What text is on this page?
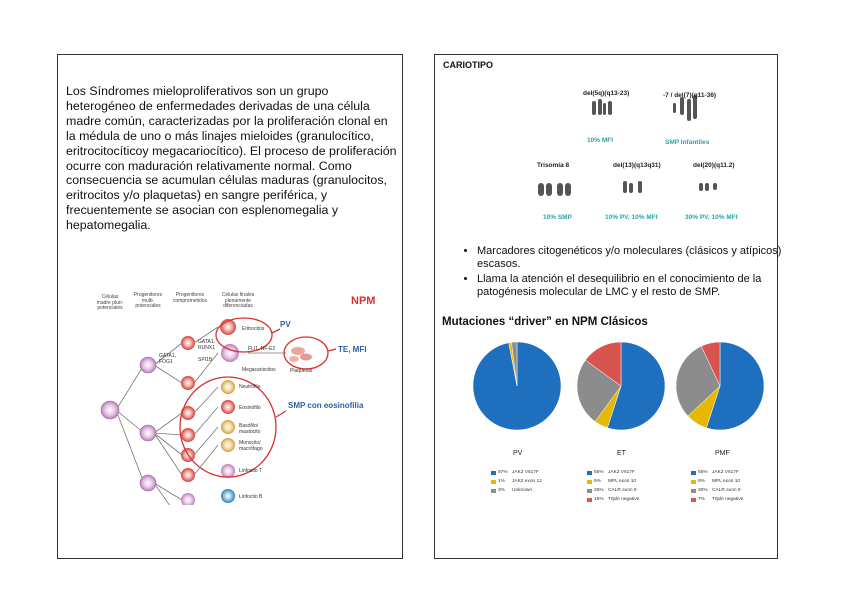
Los Síndromes mieloproliferativos son un grupo heterogéneo de enfermedades derivadas de una célula madre común, caracterizadas por la proliferación clonal en la médula de uno o más linajes mieloides (granulocítico, eritrocitocíticoy megacariocítico). El proceso de proliferación ocurre con maduración relativamente normal. Como consecuencia se acumulan células maduras (granulocitos, eritrocitos y/o plaquetas) en sangre periférica, y frecuentemente se asocian con esplenomegalia y hepatomegalia.

Células madre pluri-potenciales
Progenitores multi-potenciales
Progenitores comprometidos
Células finales plenamente diferenciadas	NPM
Eritrocitos
Megacariocitos	Plaquetas
Neutrófilo
Eosinófilo
Basófilo/ mastocito
Monocito/ macrófago
Linfocito T
Linfocito B
GATA1, FOG1
GATA1, RUNX1
SPI1B
FLI1, NF-E2
PV
TE, MFI
SMP con eosinofilia
CARIOTIPO
del(5q)(q13-23)
10% MFI
-7 / del(7)(q11-36)
SMP Infantiles
Trisomía 8
10% SMP
del(13)(q13q31)
10% PV, 10% MFI
del(20)(q11.2)
30% PV, 10% MFI
• Marcadores citogenéticos y/o moleculares (clásicos y atípicos) escasos.
• Llama la atención el desequilibrio en el conocimiento de la patogénesis molecular de LMC y el resto de SMP.
Mutaciones “driver” en NPM Clásicos
PV	ET	PMF
97% JAK2 V617F
1%	JAK2 exon 12
2%	Unknown
55% JAK2 V617F
5%	MPL exon 10
25% CALR exon 9
15% Triple negative
55% JAK2 V617F
8%	MPL exon 10
30% CALR exon 9
7%	Triple negative
